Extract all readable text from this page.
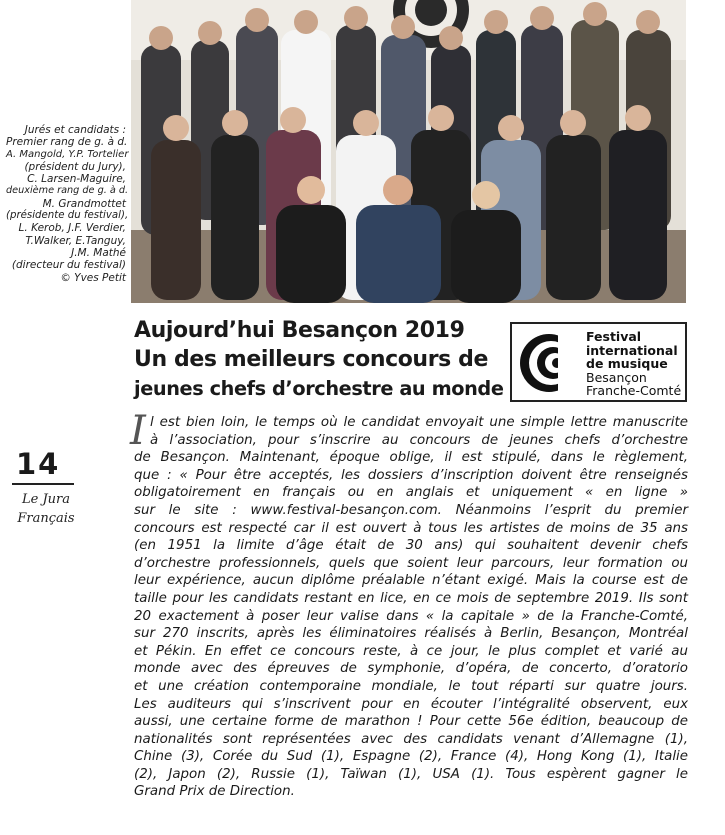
Jurés et candidats :
Premier rang de g. à d.
A. Mangold, Y.P. Tortelier
(président du Jury),
C. Larsen-Maguire,
deuxième rang de g. à d.
M. Grandmottet
(présidente du festival),
L. Kerob, J.F. Verdier,
T.Walker, E.Tanguy,
J.M. Mathé
(directeur du festival)
© Yves Petit
14
Le Jura
Français
Aujourd’hui Besançon 2019
Un des meilleurs concours de
jeunes chefs d’orchestre au monde
Festival
international
de musique
Besançon
Franche-Comté
I l est bien loin, le temps où le candidat envoyait une simple lettre manuscrite
à l’association, pour s’inscrire au concours de jeunes chefs d’orchestre
de Besançon. Maintenant, époque oblige, il est stipulé, dans le règlement,
que : « Pour être acceptés, les dossiers d’inscription doivent être renseignés
obligatoirement en français ou en anglais et uniquement « en ligne »
sur le site : www.festival-besançon.com. Néanmoins l’esprit du premier
concours est respecté car il est ouvert à tous les artistes de moins de 35 ans
(en 1951 la limite d’âge était de 30 ans) qui souhaitent devenir chefs
d’orchestre professionnels, quels que soient leur parcours, leur formation ou
leur expérience, aucun diplôme préalable n’étant exigé. Mais la course est de
taille pour les candidats restant en lice, en ce mois de septembre 2019. Ils sont
20 exactement à poser leur valise dans « la capitale » de la Franche-Comté,
sur 270 inscrits, après les éliminatoires réalisés à Berlin, Besançon, Montréal
et Pékin. En effet ce concours reste, à ce jour, le plus complet et varié au
monde avec des épreuves de symphonie, d’opéra, de concerto, d’oratorio
et une création contemporaine mondiale, le tout réparti sur quatre jours.
Les auditeurs qui s’inscrivent pour en écouter l’intégralité observent, eux
aussi, une certaine forme de marathon ! Pour cette 56e édition, beaucoup de
nationalités sont représentées avec des candidats venant d’Allemagne (1),
Chine (3), Corée du Sud (1), Espagne (2), France (4), Hong Kong (1), Italie
(2), Japon (2), Russie (1), Taïwan (1), USA (1). Tous espèrent gagner le
Grand Prix de Direction.
